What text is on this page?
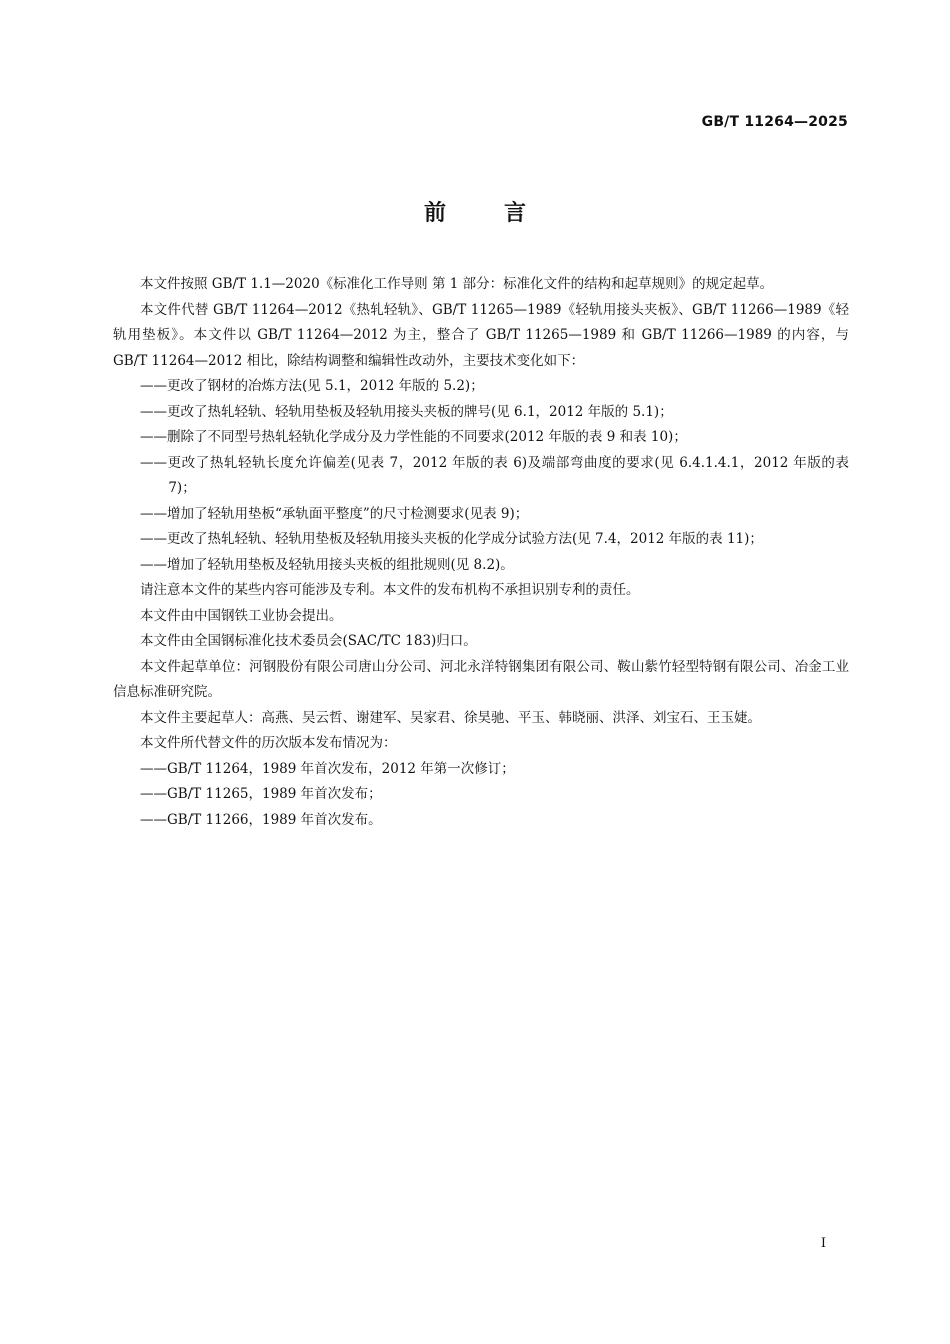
GB/T 11264—2025
前言

本文件按照 GB/T 1.1—2020《标准化工作导则 第 1 部分：标准化文件的结构和起草规则》的规定起草。

本文件代替 GB/T 11264—2012《热轧轻轨》、GB/T 11265—1989《轻轨用接头夹板》、GB/T 11266—1989《轻轨用垫板》。本文件以 GB/T 11264—2012 为主，整合了 GB/T 11265—1989 和 GB/T 11266—1989 的内容，与 GB/T 11264—2012 相比，除结构调整和编辑性改动外，主要技术变化如下：

——更改了钢材的冶炼方法(见 5.1，2012 年版的 5.2)；

——更改了热轧轻轨、轻轨用垫板及轻轨用接头夹板的牌号(见 6.1，2012 年版的 5.1)；

——删除了不同型号热轧轻轨化学成分及力学性能的不同要求(2012 年版的表 9 和表 10)；

——更改了热轧轻轨长度允许偏差(见表 7，2012 年版的表 6)及端部弯曲度的要求(见 6.4.1.4.1，2012 年版的表 7)；

——增加了轻轨用垫板“承轨面平整度”的尺寸检测要求(见表 9)；

——更改了热轧轻轨、轻轨用垫板及轻轨用接头夹板的化学成分试验方法(见 7.4，2012 年版的表 11)；

——增加了轻轨用垫板及轻轨用接头夹板的组批规则(见 8.2)。

请注意本文件的某些内容可能涉及专利。本文件的发布机构不承担识别专利的责任。

本文件由中国钢铁工业协会提出。

本文件由全国钢标准化技术委员会(SAC/TC 183)归口。

本文件起草单位：河钢股份有限公司唐山分公司、河北永洋特钢集团有限公司、鞍山紫竹轻型特钢有限公司、冶金工业信息标准研究院。

本文件主要起草人：高燕、吴云哲、谢建军、吴家君、徐昊驰、平玉、韩晓丽、洪泽、刘宝石、王玉婕。

本文件所代替文件的历次版本发布情况为：

——GB/T 11264，1989 年首次发布，2012 年第一次修订；

——GB/T 11265，1989 年首次发布；

——GB/T 11266，1989 年首次发布。

I
